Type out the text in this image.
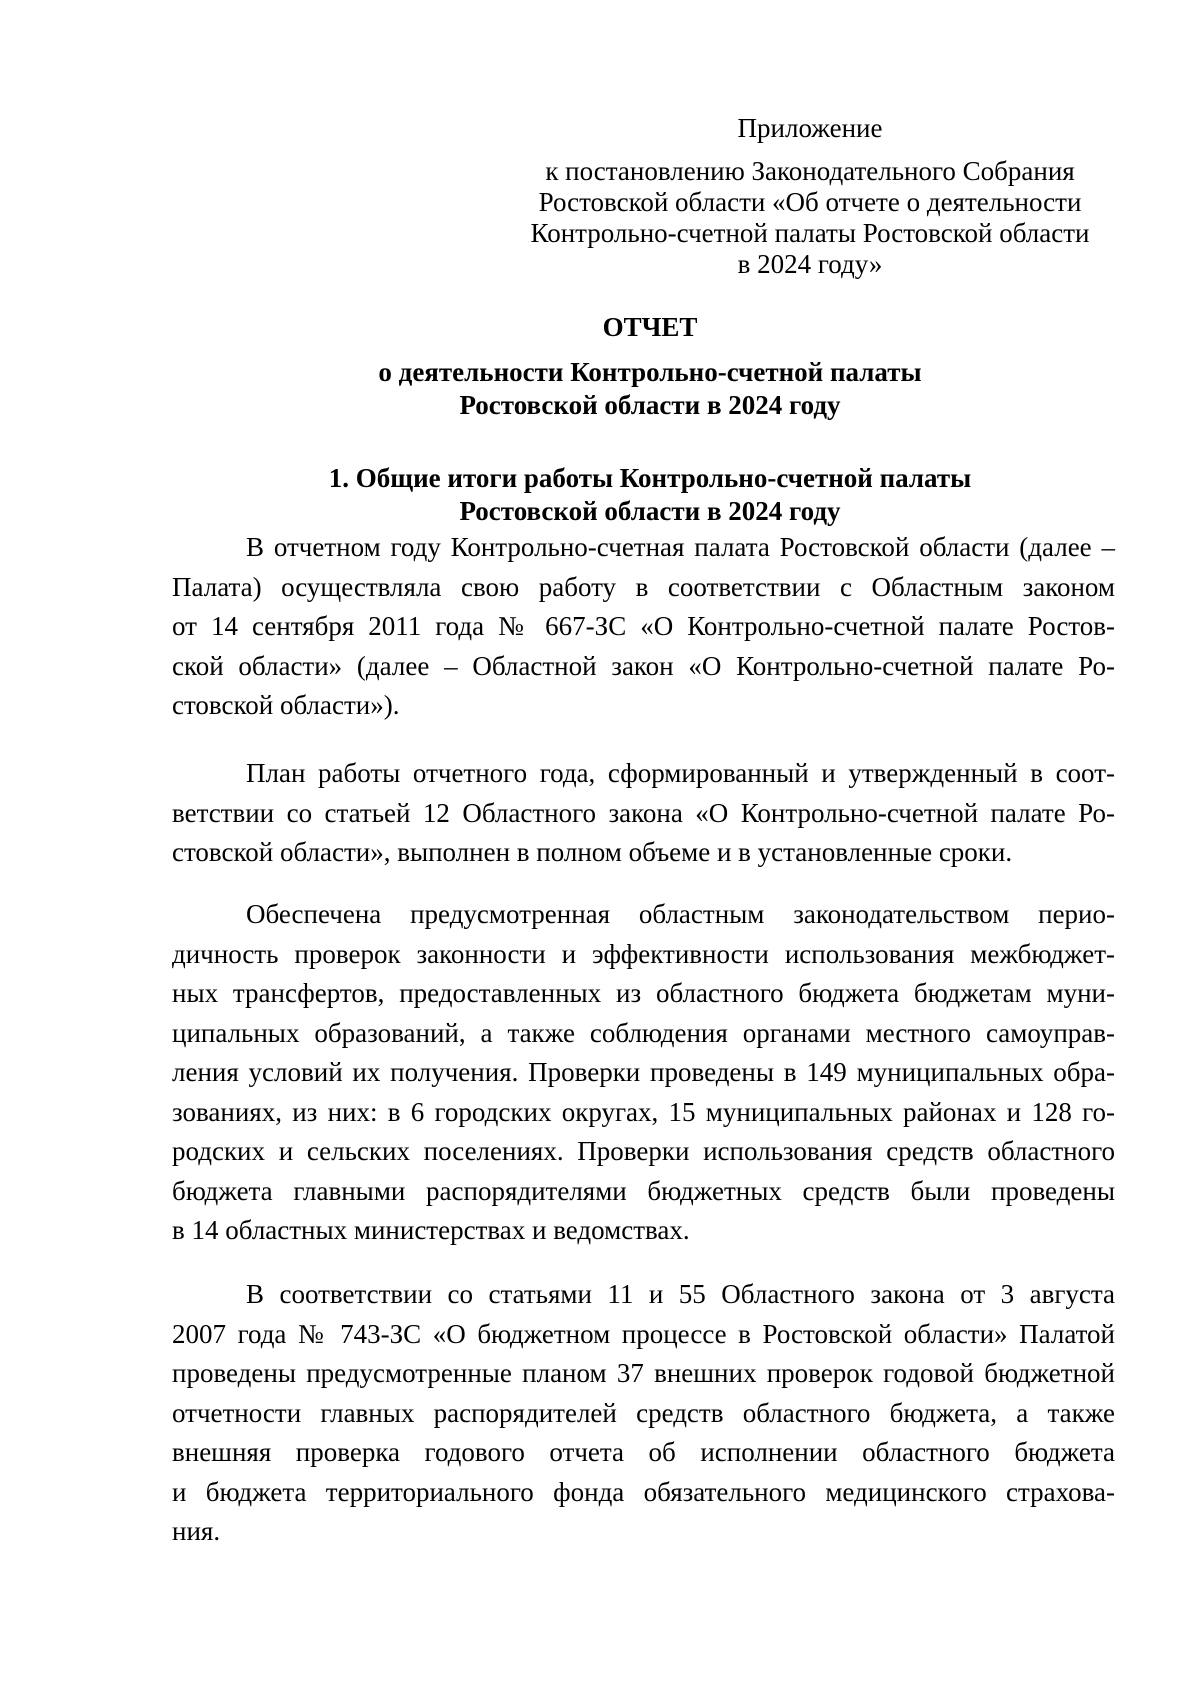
Приложение
к постановлению Законодательного Собрания
Ростовской области «Об отчете о деятельности
Контрольно-счетной палаты Ростовской области
в 2024 году»
ОТЧЕТ
о деятельности Контрольно-счетной палаты
Ростовской области в 2024 году
1. Общие итоги работы Контрольно-счетной палаты
Ростовской области в 2024 году
В отчетном году Контрольно-счетная палата Ростовской области (далее –
Палата) осуществляла свою работу в соответствии с Областным законом
от 14 сентября 2011 года № 667-ЗС «О Контрольно-счетной палате Ростов-
ской области» (далее – Областной закон «О Контрольно-счетной палате Ро-
стовской области»).
План работы отчетного года, сформированный и утвержденный в соот-
ветствии со статьей 12 Областного закона «О Контрольно-счетной палате Ро-
стовской области», выполнен в полном объеме и в установленные сроки.
Обеспечена предусмотренная областным законодательством перио-
дичность проверок законности и эффективности использования межбюджет-
ных трансфертов, предоставленных из областного бюджета бюджетам муни-
ципальных образований, а также соблюдения органами местного самоуправ-
ления условий их получения. Проверки проведены в 149 муниципальных обра-
зованиях, из них: в 6 городских округах, 15 муниципальных районах и 128 го-
родских и сельских поселениях. Проверки использования средств областного
бюджета главными распорядителями бюджетных средств были проведены
в 14 областных министерствах и ведомствах.
В соответствии со статьями 11 и 55 Областного закона от 3 августа
2007 года № 743-ЗС «О бюджетном процессе в Ростовской области» Палатой
проведены предусмотренные планом 37 внешних проверок годовой бюджетной
отчетности главных распорядителей средств областного бюджета, а также
внешняя проверка годового отчета об исполнении областного бюджета
и бюджета территориального фонда обязательного медицинского страхова-
ния.
